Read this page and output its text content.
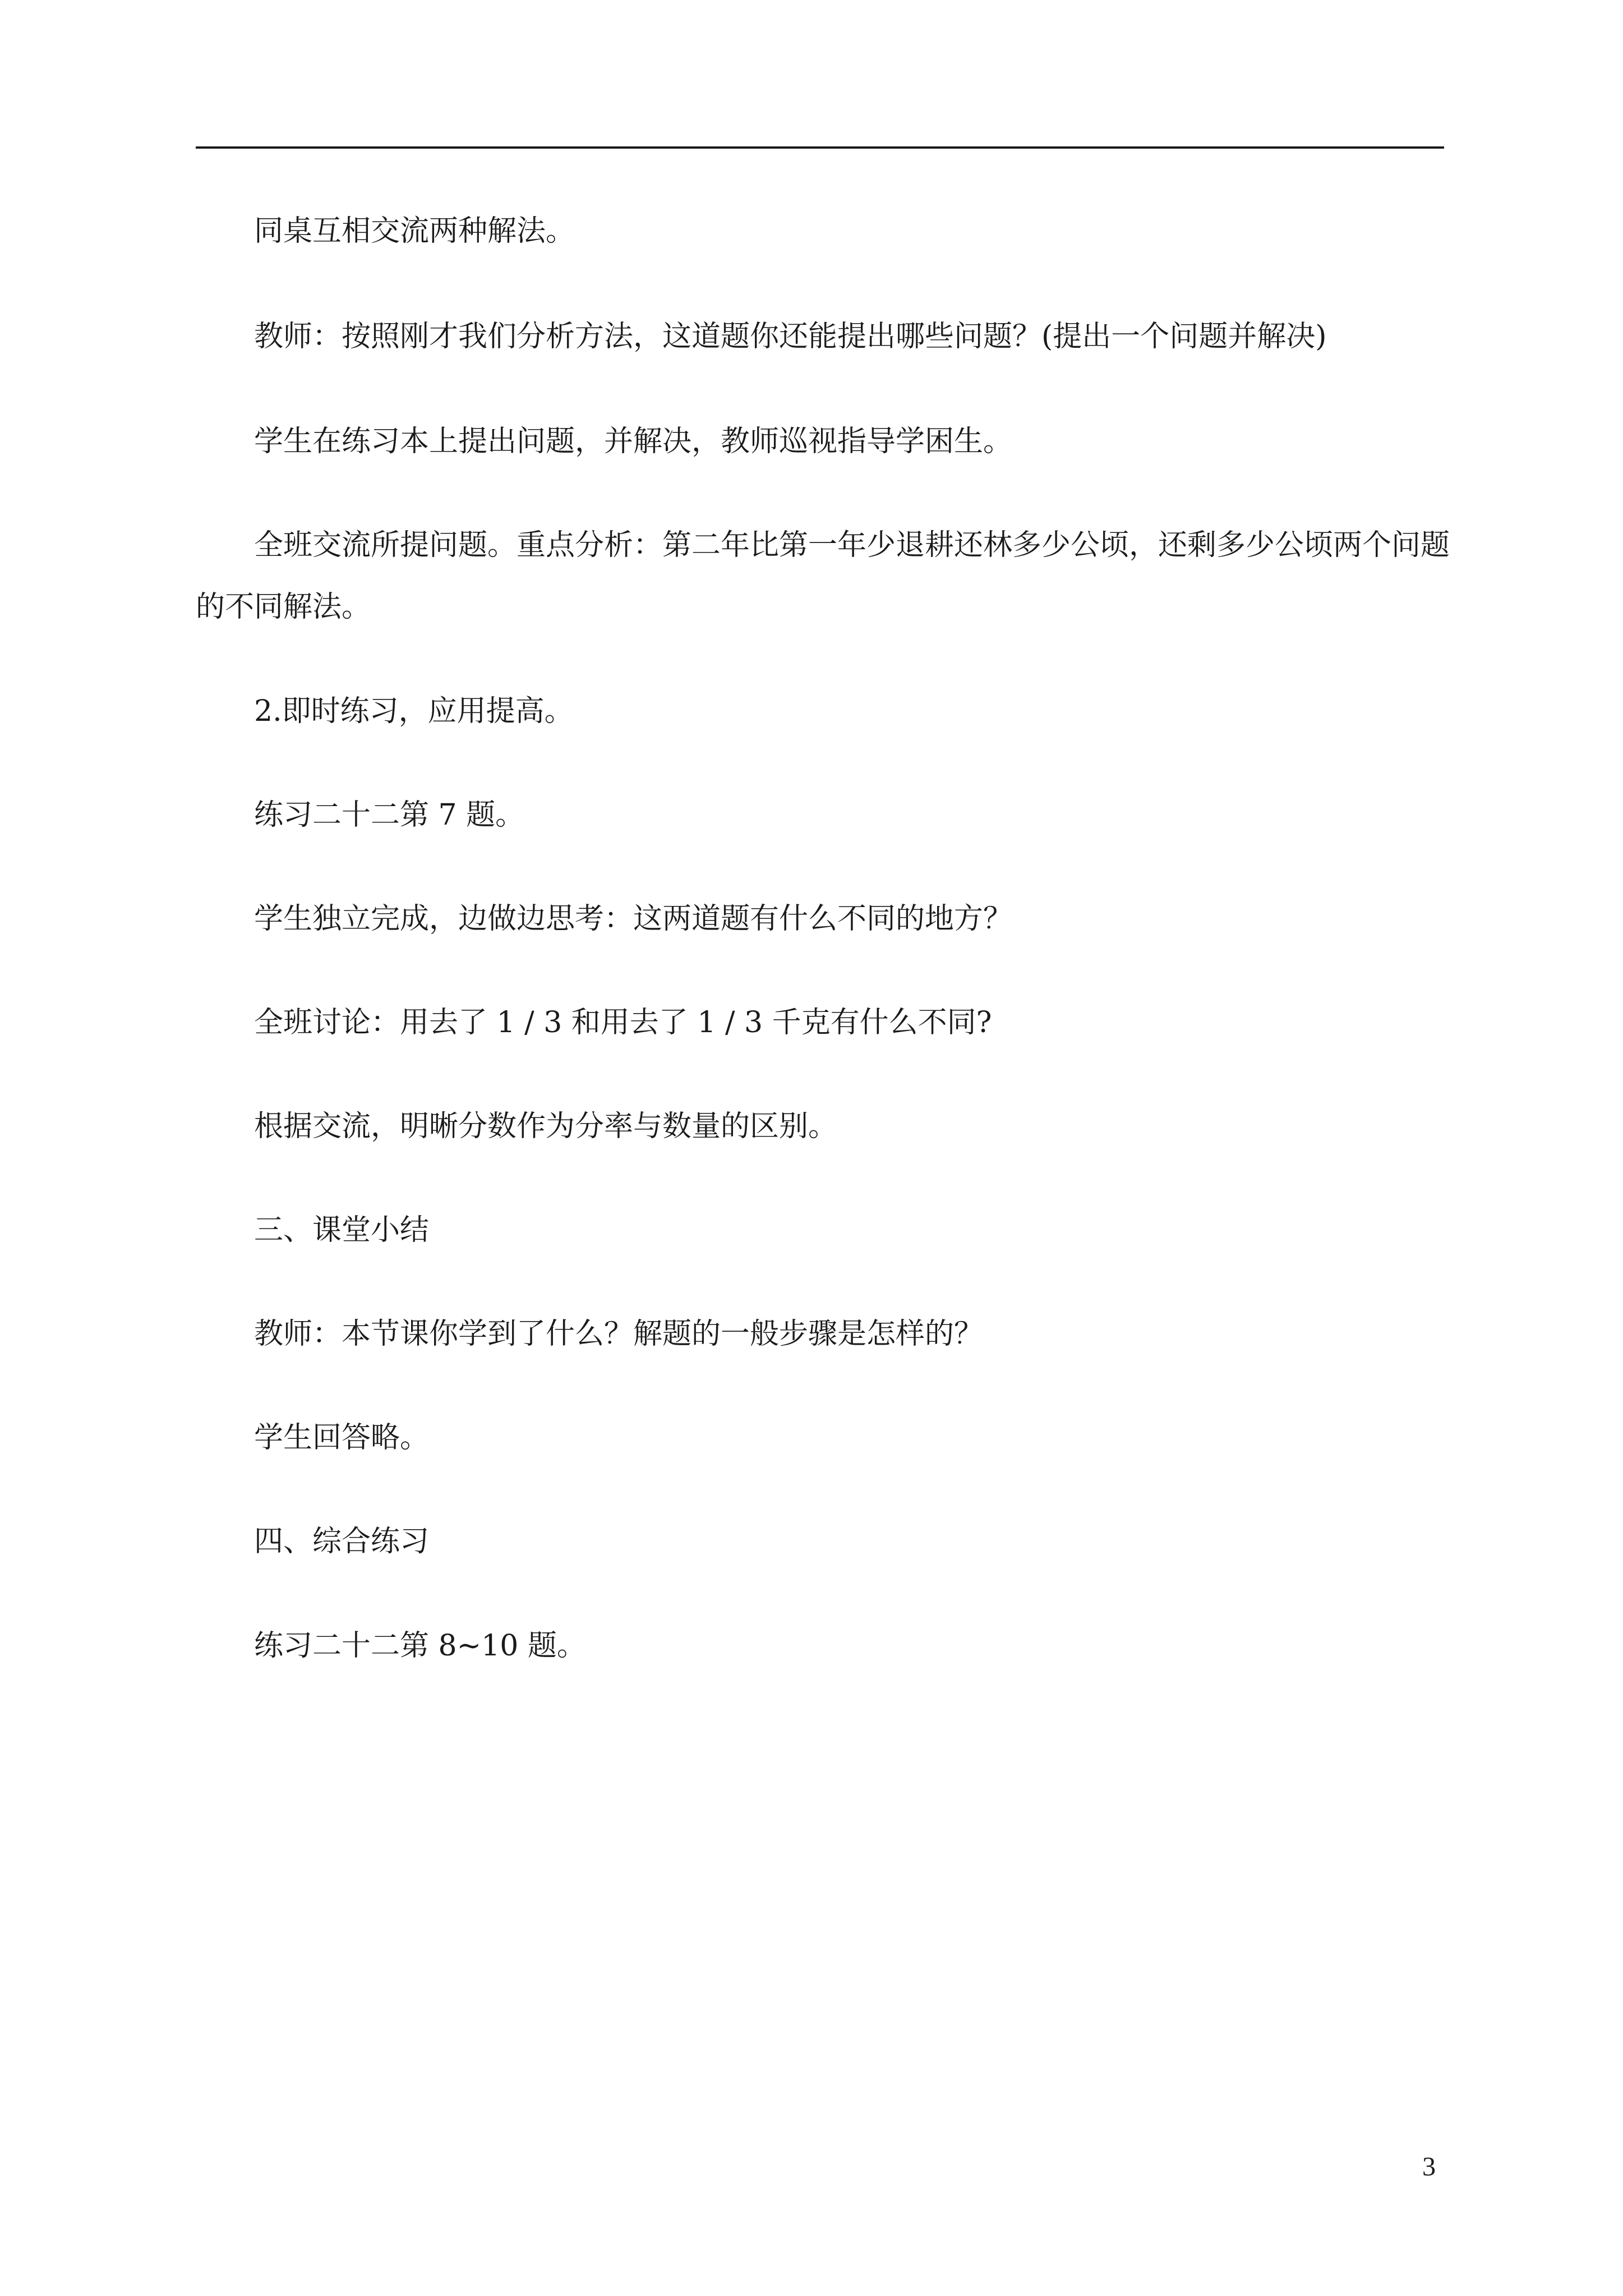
同桌互相交流两种解法。

教师：按照刚才我们分析方法，这道题你还能提出哪些问题？(提出一个问题并解决)

学生在练习本上提出问题，并解决，教师巡视指导学困生。

全班交流所提问题。重点分析：第二年比第一年少退耕还林多少公顷，还剩多少公顷两个问题

的不同解法。

2.即时练习，应用提高。

练习二十二第 7 题。

学生独立完成，边做边思考：这两道题有什么不同的地方？

全班讨论：用去了 1 / 3 和用去了 1 / 3 千克有什么不同?

根据交流，明晰分数作为分率与数量的区别。

三、课堂小结

教师：本节课你学到了什么？解题的一般步骤是怎样的？

学生回答略。

四、综合练习

练习二十二第 8~10 题。

3
